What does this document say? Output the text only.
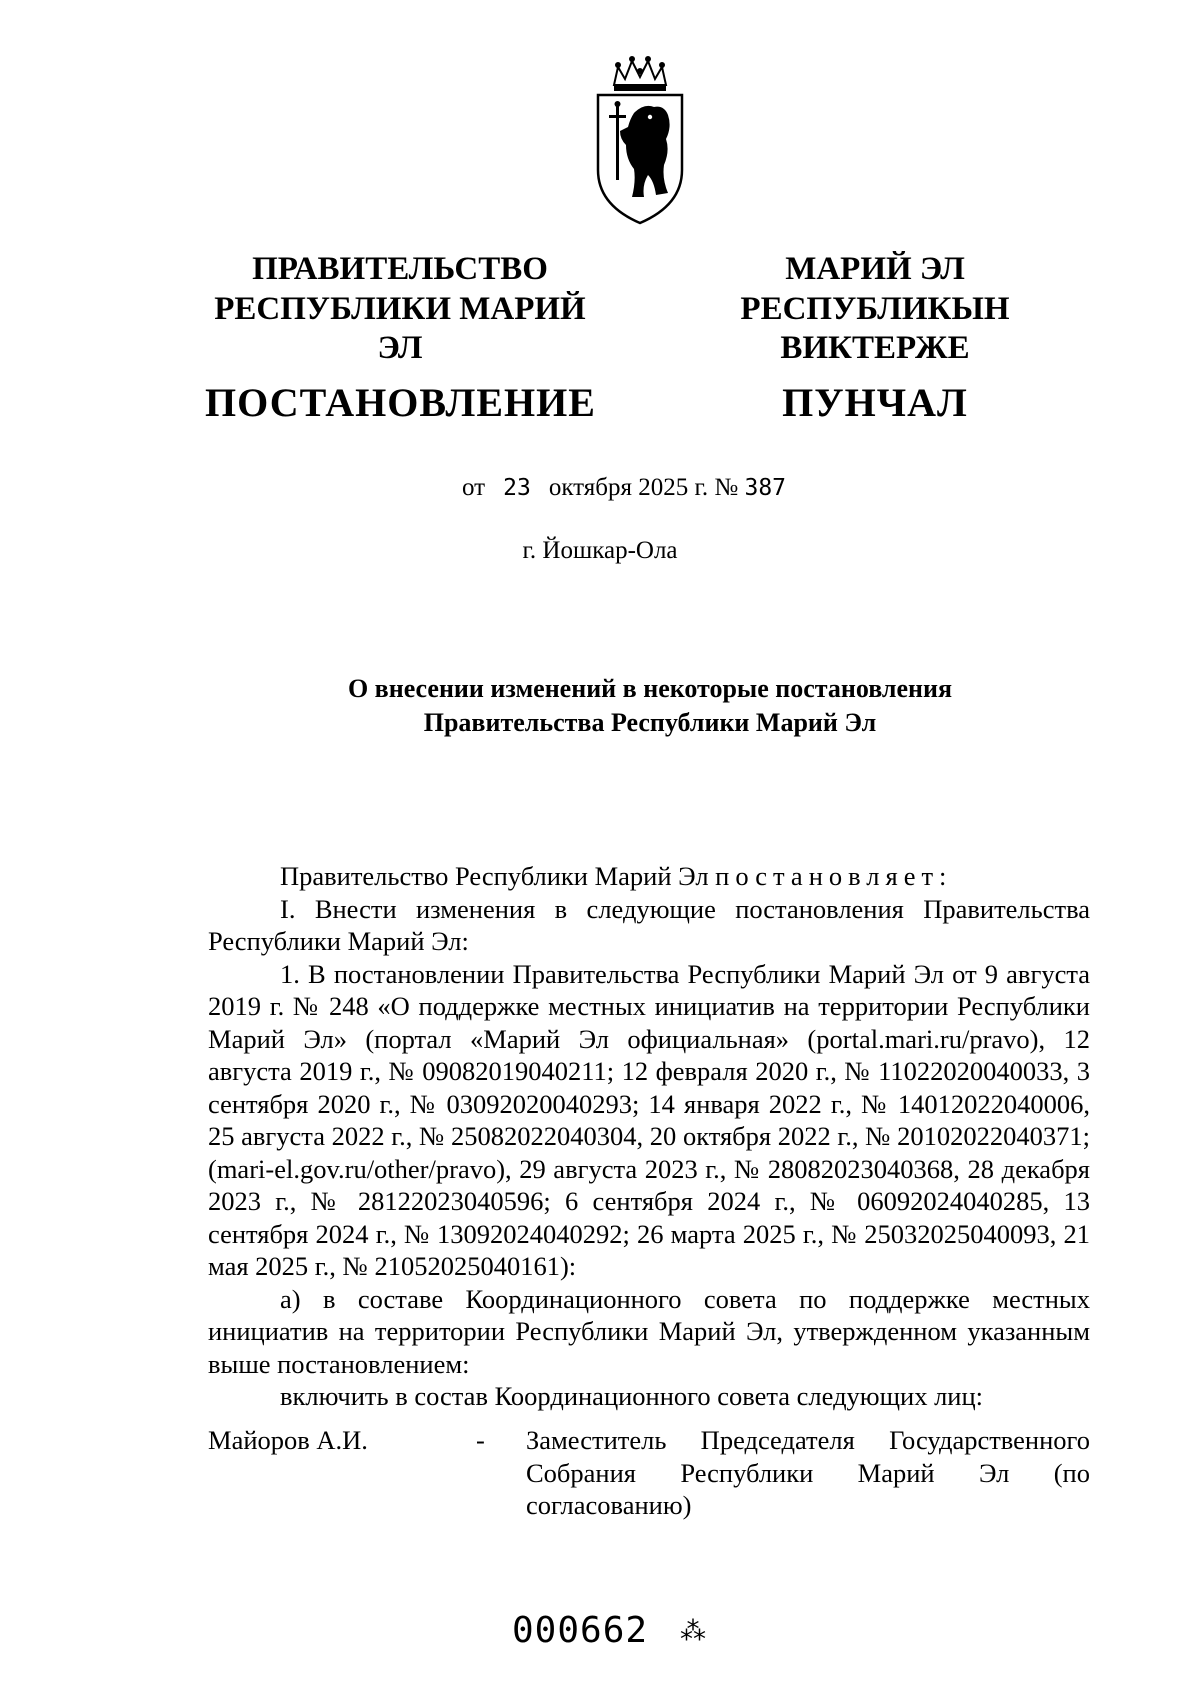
ПРАВИТЕЛЬСТВО
РЕСПУБЛИКИ МАРИЙ ЭЛ
ПОСТАНОВЛЕНИЕ
МАРИЙ ЭЛ РЕСПУБЛИКЫН
ВИКТЕРЖЕ
ПУНЧАЛ
от 23 октября 2025 г. № 387
г. Йошкар-Ола
О внесении изменений в некоторые постановления
Правительства Республики Марий Эл

Правительство Республики Марий Эл постановляет:

I. Внести изменения в следующие постановления Правительства Республики Марий Эл:

1. В постановлении Правительства Республики Марий Эл от 9 августа 2019 г. № 248 «О поддержке местных инициатив на территории Республики Марий Эл» (портал «Марий Эл официальная» (portal.mari.ru/pravo), 12 августа 2019 г., № 09082019040211; 12 февраля 2020 г., № 11022020040033, 3 сентября 2020 г., № 03092020040293; 14 января 2022 г., № 14012022040006, 25 августа 2022 г., № 25082022040304, 20 октября 2022 г., № 20102022040371; (mari-el.gov.ru/other/pravo), 29 августа 2023 г., № 28082023040368, 28 декабря 2023 г., № 28122023040596; 6 сентября 2024 г., № 06092024040285, 13 сентября 2024 г., № 13092024040292; 26 марта 2025 г., № 25032025040093, 21 мая 2025 г., № 21052025040161):

а) в составе Координационного совета по поддержке местных инициатив на территории Республики Марий Эл, утвержденном указанным выше постановлением:

включить в состав Координационного совета следующих лиц:

Майоров А.И.	- Заместитель Председателя Государственного Собрания Республики Марий Эл (по согласованию)
000662 ⁂
